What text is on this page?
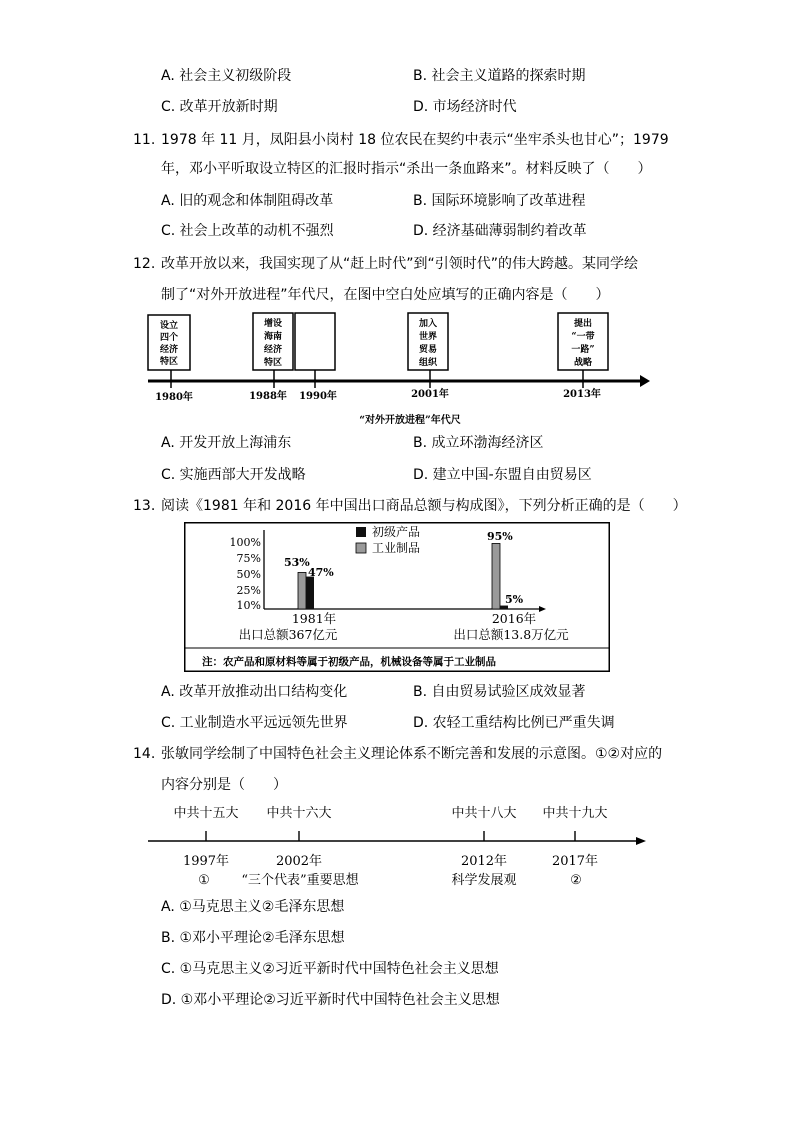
A. 社会主义初级阶段	B. 社会主义道路的探索时期
C. 改革开放新时期	D. 市场经济时代
11. 1978 年 11 月，凤阳县小岗村 18 位农民在契约中表示“坐牢杀头也甘心”；1979
年，邓小平听取设立特区的汇报时指示“杀出一条血路来”。材料反映了（　　）
A. 旧的观念和体制阻碍改革	B. 国际环境影响了改革进程
C. 社会上改革的动机不强烈	D. 经济基础薄弱制约着改革
12. 改革开放以来，我国实现了从“赶上时代”到“引领时代”的伟大跨越。某同学绘
制了“对外开放进程”年代尺，在图中空白处应填写的正确内容是（　　）
设立
四个
经济
特区
增设
海南
经济
特区
加入
世界
贸易
组织
提出
“一带
一路”
战略
1980年	1988年 1990年	2001年	2013年
“对外开放进程”年代尺
A. 开发开放上海浦东	B. 成立环渤海经济区
C. 实施西部大开发战略	D. 建立中国-东盟自由贸易区
13. 阅读《1981 年和 2016 年中国出口商品总额与构成图》，下列分析正确的是（　　）
100%
75%
50%
25%
10%
初级产品
工业制品
53%
47%
95%
5%
1981年
出口总额367亿元
2016年
出口总额13.8万亿元
注：农产品和原材料等属于初级产品，机械设备等属于工业制品
A. 改革开放推动出口结构变化	B. 自由贸易试验区成效显著
C. 工业制造水平远远领先世界	D. 农轻工重结构比例已严重失调
14. 张敏同学绘制了中国特色社会主义理论体系不断完善和发展的示意图。①②对应的
内容分别是（　　）
中共十五大 中共十六大	中共十八大 中共十九大
1997年	2002年	2012年	2017年
① “三个代表”重要思想	科学发展观	②
A. ①马克思主义②毛泽东思想
B. ①邓小平理论②毛泽东思想
C. ①马克思主义②习近平新时代中国特色社会主义思想
D. ①邓小平理论②习近平新时代中国特色社会主义思想
